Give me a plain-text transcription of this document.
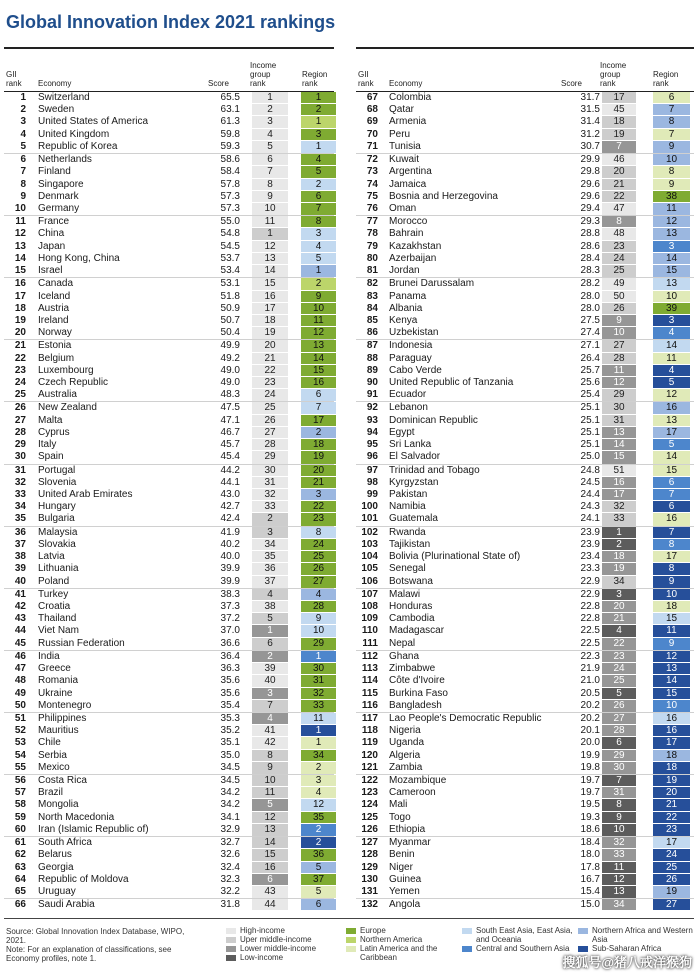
Global Innovation Index 2021 rankings
GII
rank Economy	Score
Income
group
rank
Region
rank
1 Switzerland	65.5	1	1
2 Sweden	63.1	2	2
3 United States of America	61.3	3	1
4 United Kingdom	59.8	4	3
5 Republic of Korea	59.3	5	1
6 Netherlands	58.6	6	4
7 Finland	58.4	7	5
8 Singapore	57.8	8	2
9 Denmark	57.3	9	6
10 Germany	57.3	10	7
11 France	55.0	11	8
12 China	54.8	1	3
13 Japan	54.5	12	4
14 Hong Kong, China	53.7	13	5
15 Israel	53.4	14	1
16 Canada	53.1	15	2
17 Iceland	51.8	16	9
18 Austria	50.9	17	10
19 Ireland	50.7	18	11
20 Norway	50.4	19	12
21 Estonia	49.9	20	13
22 Belgium	49.2	21	14
23 Luxembourg	49.0	22	15
24 Czech Republic	49.0	23	16
25 Australia	48.3	24	6
26 New Zealand	47.5	25	7
27 Malta	47.1	26	17
28 Cyprus	46.7	27	2
29 Italy	45.7	28	18
30 Spain	45.4	29	19
31 Portugal	44.2	30	20
32 Slovenia	44.1	31	21
33 United Arab Emirates	43.0	32	3
34 Hungary	42.7	33	22
35 Bulgaria	42.4	2	23
36 Malaysia	41.9	3	8
37 Slovakia	40.2	34	24
38 Latvia	40.0	35	25
39 Lithuania	39.9	36	26
40 Poland	39.9	37	27
41 Turkey	38.3	4	4
42 Croatia	37.3	38	28
43 Thailand	37.2	5	9
44 Viet Nam	37.0	1	10
45 Russian Federation	36.6	6	29
46 India	36.4	2	1
47 Greece	36.3	39	30
48 Romania	35.6	40	31
49 Ukraine	35.6	3	32
50 Montenegro	35.4	7	33
51 Philippines	35.3	4	11
52 Mauritius	35.2	41	1
53 Chile	35.1	42	1
54 Serbia	35.0	8	34
55 Mexico	34.5	9	2
56 Costa Rica	34.5	10	3
57 Brazil	34.2	11	4
58 Mongolia	34.2	5	12
59 North Macedonia	34.1	12	35
60 Iran (Islamic Republic of)	32.9	13	2
61 South Africa	32.7	14	2
62 Belarus	32.6	15	36
63 Georgia	32.4	16	5
64 Republic of Moldova	32.3	6	37
65 Uruguay	32.2	43	5
66 Saudi Arabia	31.8	44	6
GII
rank Economy	Score
Income
group
rank
Region
rank
67 Colombia	31.7	17	6
68 Qatar	31.5	45	7
69 Armenia	31.4	18	8
70 Peru	31.2	19	7
71 Tunisia	30.7	7	9
72 Kuwait	29.9	46	10
73 Argentina	29.8	20	8
74 Jamaica	29.6	21	9
75 Bosnia and Herzegovina	29.6	22	38
76 Oman	29.4	47	11
77 Morocco	29.3	8	12
78 Bahrain	28.8	48	13
79 Kazakhstan	28.6	23	3
80 Azerbaijan	28.4	24	14
81 Jordan	28.3	25	15
82 Brunei Darussalam	28.2	49	13
83 Panama	28.0	50	10
84 Albania	28.0	26	39
85 Kenya	27.5	9	3
86 Uzbekistan	27.4	10	4
87 Indonesia	27.1	27	14
88 Paraguay	26.4	28	11
89 Cabo Verde	25.7	11	4
90 United Republic of Tanzania	25.6	12	5
91 Ecuador	25.4	29	12
92 Lebanon	25.1	30	16
93 Dominican Republic	25.1	31	13
94 Egypt	25.1	13	17
95 Sri Lanka	25.1	14	5
96 El Salvador	25.0	15	14
97 Trinidad and Tobago	24.8	51	15
98 Kyrgyzstan	24.5	16	6
99 Pakistan	24.4	17	7
100 Namibia	24.3	32	6
101 Guatemala	24.1	33	16
102 Rwanda	23.9	1	7
103 Tajikistan	23.9	2	8
104 Bolivia (Plurinational State of)	23.4	18	17
105 Senegal	23.3	19	8
106 Botswana	22.9	34	9
107 Malawi	22.9	3	10
108 Honduras	22.8	20	18
109 Cambodia	22.8	21	15
110 Madagascar	22.5	4	11
111 Nepal	22.5	22	9
112 Ghana	22.3	23	12
113 Zimbabwe	21.9	24	13
114 Côte d'Ivoire	21.0	25	14
115 Burkina Faso	20.5	5	15
116 Bangladesh	20.2	26	10
117 Lao People's Democratic Republic	20.2	27	16
118 Nigeria	20.1	28	16
119 Uganda	20.0	6	17
120 Algeria	19.9	29	18
121 Zambia	19.8	30	18
122 Mozambique	19.7	7	19
123 Cameroon	19.7	31	20
124 Mali	19.5	8	21
125 Togo	19.3	9	22
126 Ethiopia	18.6	10	23
127 Myanmar	18.4	32	17
128 Benin	18.0	33	24
129 Niger	17.8	11	25
130 Guinea	16.7	12	26
131 Yemen	15.4	13	19
132 Angola	15.0	34	27
Source: Global Innovation Index Database, WIPO, 2021.
Note: For an explanation of classifications, see Economy profiles, note 1.
High-income
Uper middle-income
Lower middle-income
Low-income
Europe
Northern America
Latin America and the Caribbean
South East Asia, East Asia, and Oceania
Central and Southern Asia
Northern Africa and Western Asia
Sub-Saharan Africa
搜狐号@猪八戒洋猴狗
